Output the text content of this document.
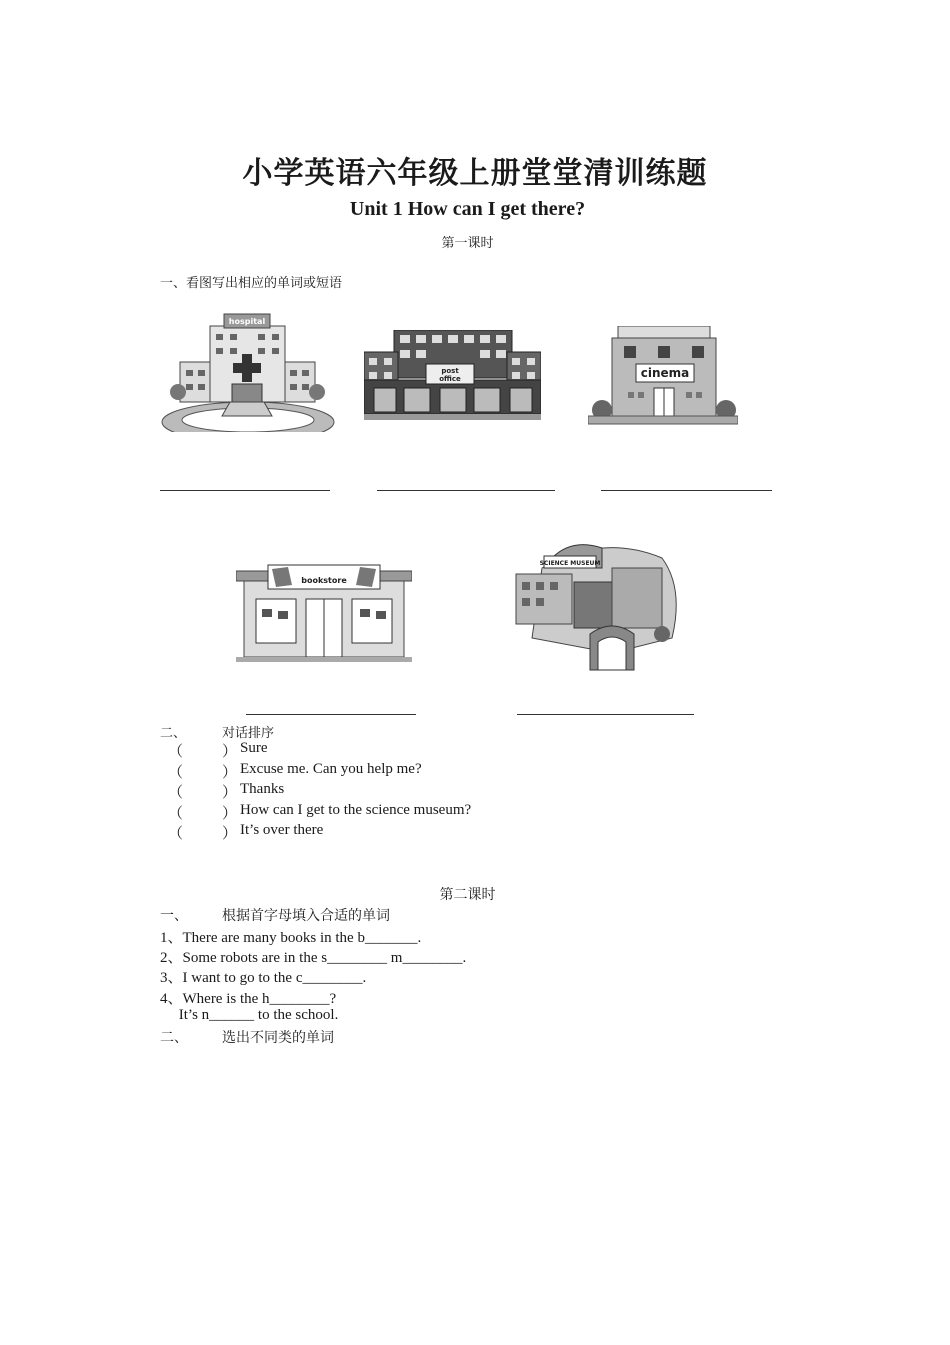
小学英语六年级上册堂堂清训练题
Unit 1 How can I get there?
第一课时
一、看图写出相应的单词或短语
hospital
post
office	cinema
bookstore
SCIENCE MUSEUM
二、	对话排序
（	） Sure
（	） Excuse me. Can you help me?
（	） Thanks
（	） How can I get to the science museum?
（	） It’s over there
第二课时
一、 根据首字母填入合适的单词
1、There are many books in the b_______.
2、Some robots are in the s________ m________.
3、I want to go to the c________.
4、Where is the h________?
It’s n______ to the school.
二、 选出不同类的单词
